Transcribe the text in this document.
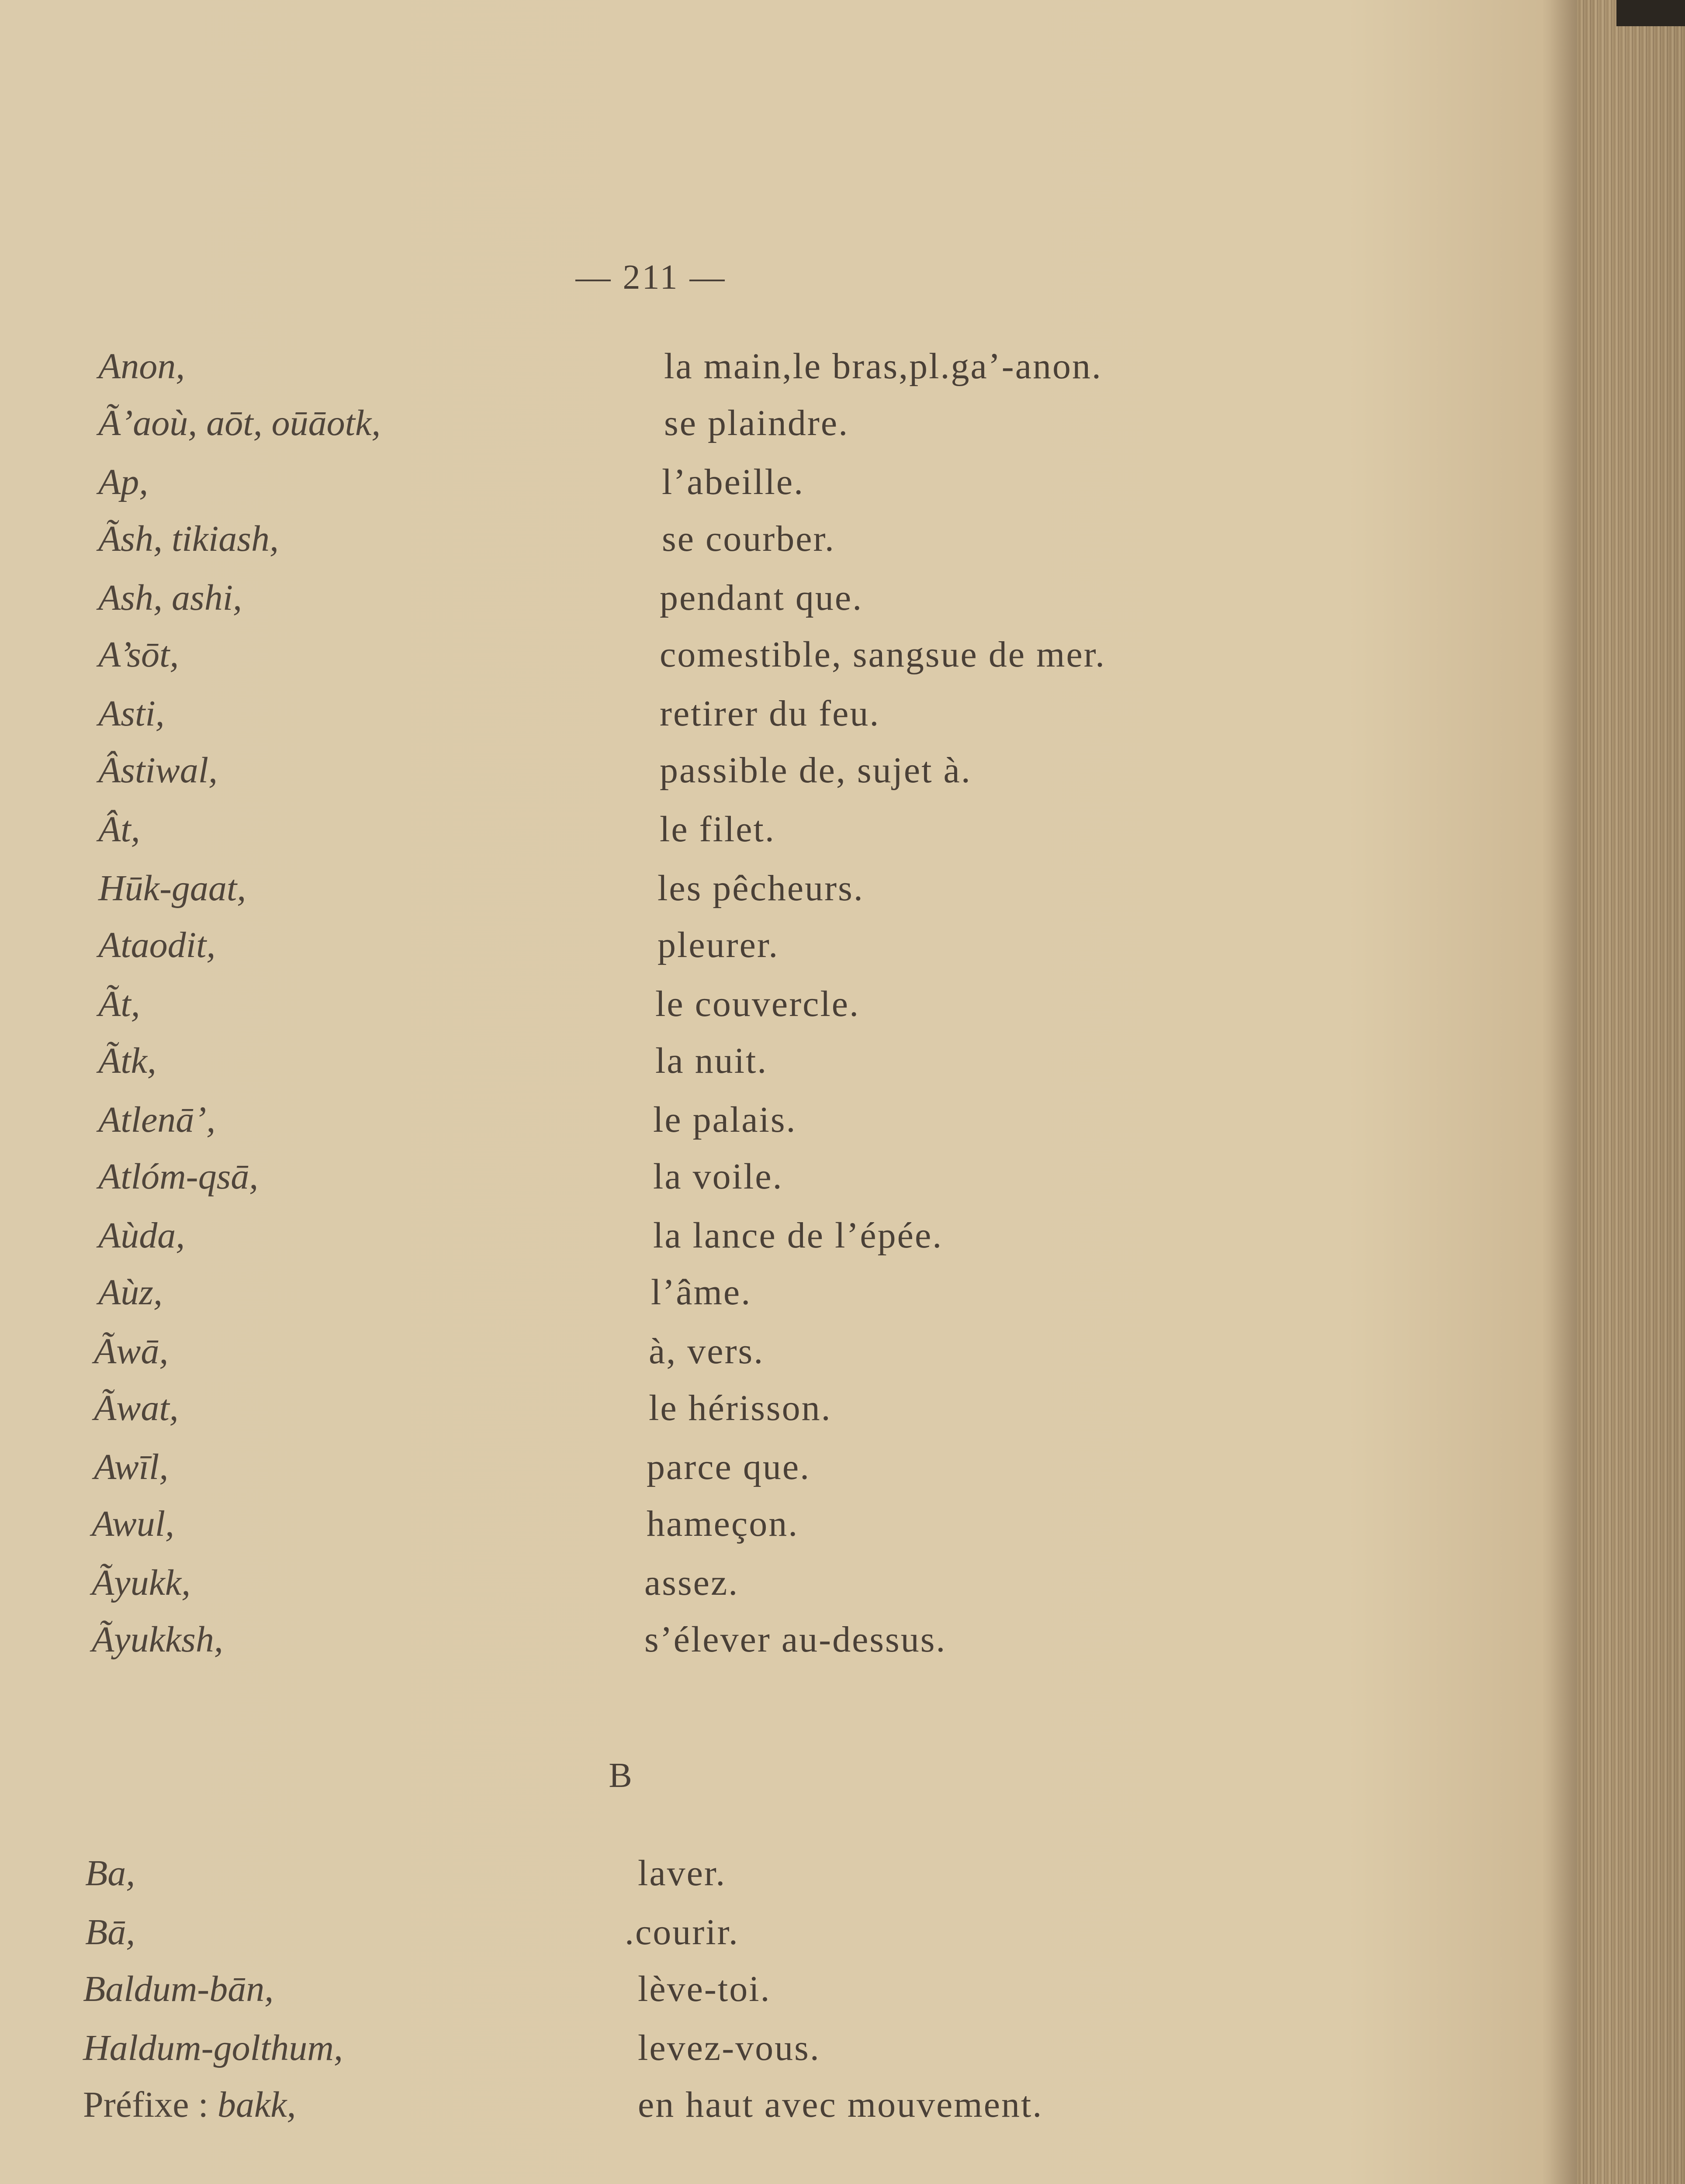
— 211 —
Anon,	la main,le bras,pl.ga’-anon.
Ã’aoù, aōt, oūāotk,	se plaindre.
Ap,	l’abeille.
Ãsh, tikiash,	se courber.
Ash, ashi,	pendant que.
A’sōt,	comestible, sangsue de mer.
Asti,	retirer du feu.
Âstiwal,	passible de, sujet à.
Ât,	le filet.
Hūk-gaat,	les pêcheurs.
Ataodit,	pleurer.
Ãt,	le couvercle.
Ãtk,	la nuit.
Atlenā’,	le palais.
Atlóm-qsā,	la voile.
Aùda,	la lance de l’épée.
Aùz,	l’âme.
Ãwā,	à, vers.
Ãwat,	le hérisson.
Awīl,	parce que.
Awul,	hameçon.
Ãyukk,	assez.
Ãyukksh,	s’élever au-dessus.
B
Ba,	laver.
Bā,	.courir.
Baldum-bān,	lève-toi.
Haldum-golthum,	levez-vous.
Préfixe : bakk,	en haut avec mouvement.
